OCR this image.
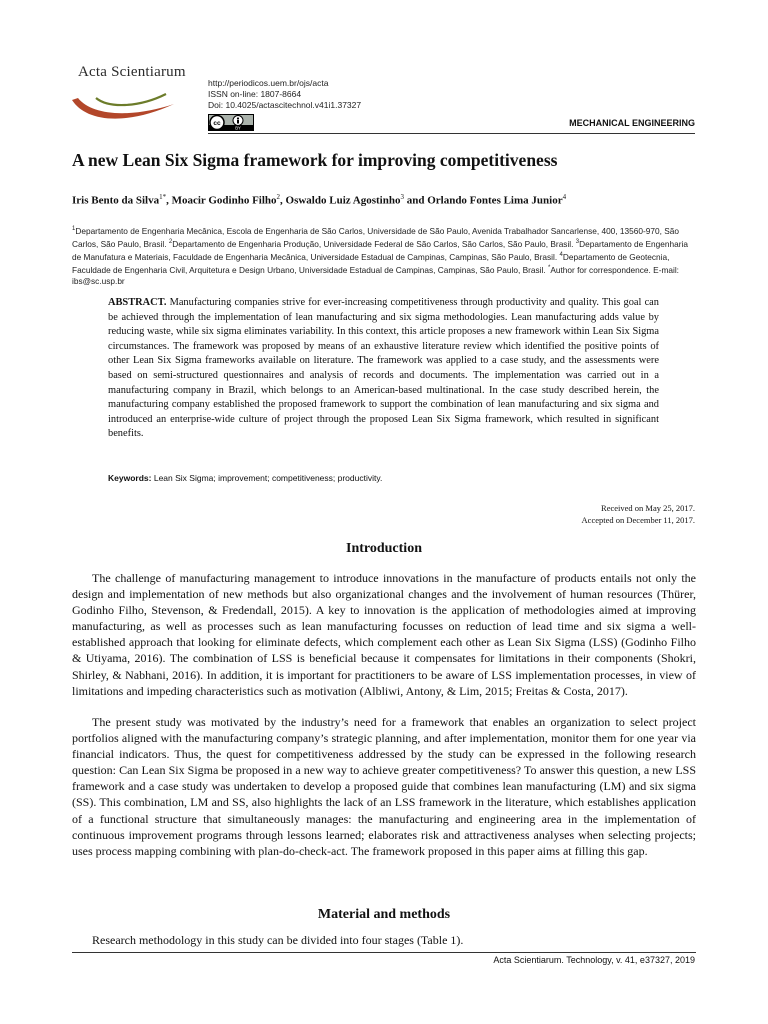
Acta Scientiarum
http://periodicos.uem.br/ojs/acta
ISSN on-line: 1807-8664
Doi: 10.4025/actascitechnol.v41i1.37327
cc
BY	MECHANICAL ENGINEERING
A new Lean Six Sigma framework for improving competitiveness
Iris Bento da Silva$^{1*}$, Moacir Godinho Filho$^2$, Oswaldo Luiz Agostinho$^3$ and Orlando Fontes Lima Junior$^4$
$^1$Departamento de Engenharia Mecânica, Escola de Engenharia de São Carlos, Universidade de São Paulo, Avenida Trabalhador Sancarlense, 400, 13560-970, São Carlos, São Paulo, Brasil. $^2$Departamento de Engenharia Produção, Universidade Federal de São Carlos, São Carlos, São Paulo, Brasil. $^3$Departamento de Engenharia de Manufatura e Materiais, Faculdade de Engenharia Mecânica, Universidade Estadual de Campinas, Campinas, São Paulo, Brasil. $^4$Departamento de Geotecnia, Faculdade de Engenharia Civil, Arquitetura e Design Urbano, Universidade Estadual de Campinas, Campinas, São Paulo, Brasil. *Author for correspondence. E-mail: ibs@sc.usp.br
ABSTRACT. Manufacturing companies strive for ever-increasing competitiveness through productivity and quality. This goal can be achieved through the implementation of lean manufacturing and six sigma methodologies. Lean manufacturing adds value by reducing waste, while six sigma eliminates variability. In this context, this article proposes a new framework within Lean Six Sigma circumstances. The framework was proposed by means of an exhaustive literature review which identified the positive points of other Lean Six Sigma frameworks available on literature. The framework was applied to a case study, and the assessments were based on semi-structured questionnaires and analysis of records and documents. The implementation was carried out in a manufacturing company in Brazil, which belongs to an American-based multinational. In the case study described herein, the manufacturing company established the proposed framework to support the combination of lean manufacturing and six sigma and introduced an enterprise-wide culture of project through the proposed Lean Six Sigma framework, which resulted in significant benefits.
Keywords: Lean Six Sigma; improvement; competitiveness; productivity.
Received on May 25, 2017.
Accepted on December 11, 2017.
Introduction
The challenge of manufacturing management to introduce innovations in the manufacture of products entails not only the design and implementation of new methods but also organizational changes and the involvement of human resources (Thürer, Godinho Filho, Stevenson, & Fredendall, 2015). A key to innovation is the application of methodologies aimed at improving manufacturing, as well as processes such as lean manufacturing focusses on reduction of lead time and six sigma a well-established approach that looking for eliminate defects, which complement each other as Lean Six Sigma (LSS) (Godinho Filho & Utiyama, 2016). The combination of LSS is beneficial because it compensates for limitations in their components (Shokri, Shirley, & Nabhani, 2016). In addition, it is important for practitioners to be aware of LSS implementation processes, in view of limitations and impeding characteristics such as motivation (Albliwi, Antony, & Lim, 2015; Freitas & Costa, 2017).
The present study was motivated by the industry’s need for a framework that enables an organization to select project portfolios aligned with the manufacturing company’s strategic planning, and after implementation, monitor them for one year via financial indicators. Thus, the quest for competitiveness addressed by the study can be expressed in the following research question: Can Lean Six Sigma be proposed in a new way to achieve greater competitiveness? To answer this question, a new LSS framework and a case study was undertaken to develop a proposed guide that combines lean manufacturing (LM) and six sigma (SS). This combination, LM and SS, also highlights the lack of an LSS framework in the literature, which establishes application of a functional structure that simultaneously manages: the manufacturing and engineering area in the implementation of continuous improvement programs through lessons learned; elaborates risk and attractiveness analyses when selecting projects; uses process mapping combining with plan-do-check-act. The framework proposed in this paper aims at filling this gap.
Material and methods
Research methodology in this study can be divided into four stages (Table 1).
Acta Scientiarum. Technology, v. 41, e37327, 2019
